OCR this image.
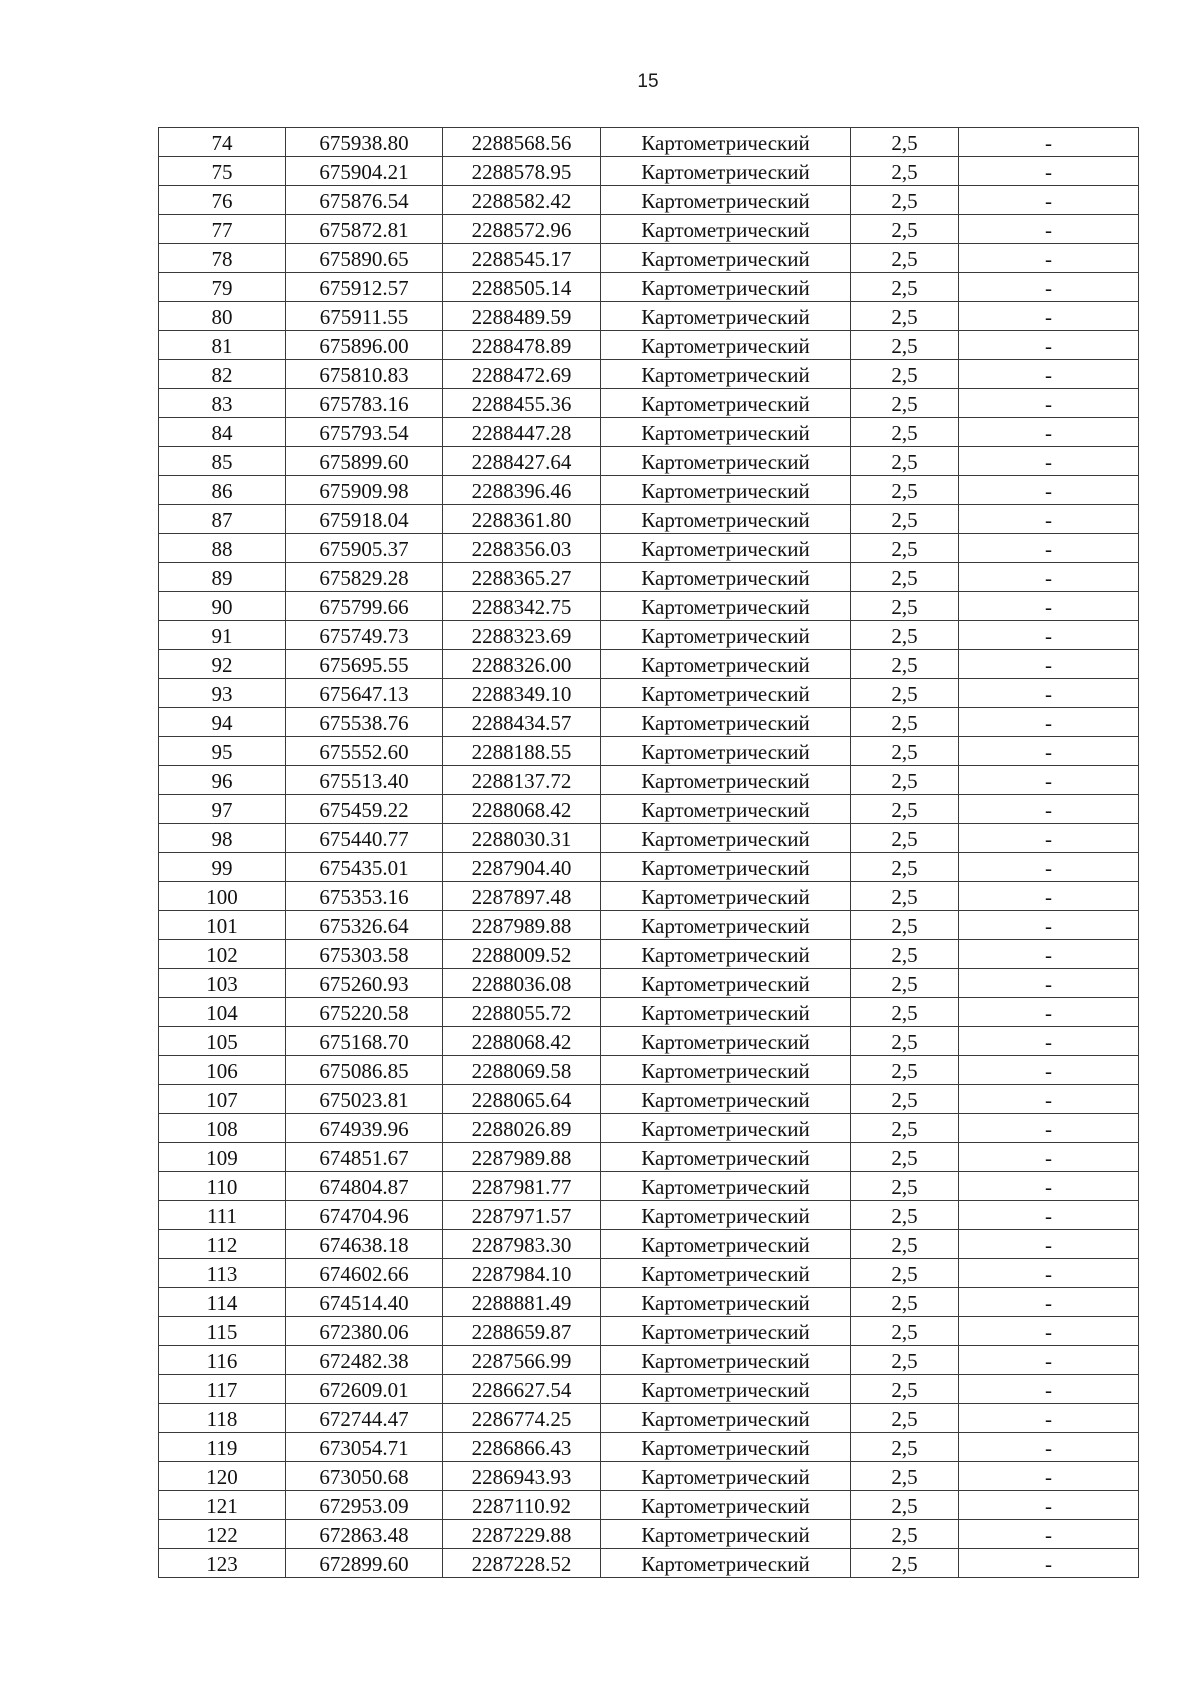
15
74	675938.80	2288568.56	Картометрический	2,5	-
75	675904.21	2288578.95	Картометрический	2,5	-
76	675876.54	2288582.42	Картометрический	2,5	-
77	675872.81	2288572.96	Картометрический	2,5	-
78	675890.65	2288545.17	Картометрический	2,5	-
79	675912.57	2288505.14	Картометрический	2,5	-
80	675911.55	2288489.59	Картометрический	2,5	-
81	675896.00	2288478.89	Картометрический	2,5	-
82	675810.83	2288472.69	Картометрический	2,5	-
83	675783.16	2288455.36	Картометрический	2,5	-
84	675793.54	2288447.28	Картометрический	2,5	-
85	675899.60	2288427.64	Картометрический	2,5	-
86	675909.98	2288396.46	Картометрический	2,5	-
87	675918.04	2288361.80	Картометрический	2,5	-
88	675905.37	2288356.03	Картометрический	2,5	-
89	675829.28	2288365.27	Картометрический	2,5	-
90	675799.66	2288342.75	Картометрический	2,5	-
91	675749.73	2288323.69	Картометрический	2,5	-
92	675695.55	2288326.00	Картометрический	2,5	-
93	675647.13	2288349.10	Картометрический	2,5	-
94	675538.76	2288434.57	Картометрический	2,5	-
95	675552.60	2288188.55	Картометрический	2,5	-
96	675513.40	2288137.72	Картометрический	2,5	-
97	675459.22	2288068.42	Картометрический	2,5	-
98	675440.77	2288030.31	Картометрический	2,5	-
99	675435.01	2287904.40	Картометрический	2,5	-
100	675353.16	2287897.48	Картометрический	2,5	-
101	675326.64	2287989.88	Картометрический	2,5	-
102	675303.58	2288009.52	Картометрический	2,5	-
103	675260.93	2288036.08	Картометрический	2,5	-
104	675220.58	2288055.72	Картометрический	2,5	-
105	675168.70	2288068.42	Картометрический	2,5	-
106	675086.85	2288069.58	Картометрический	2,5	-
107	675023.81	2288065.64	Картометрический	2,5	-
108	674939.96	2288026.89	Картометрический	2,5	-
109	674851.67	2287989.88	Картометрический	2,5	-
110	674804.87	2287981.77	Картометрический	2,5	-
111	674704.96	2287971.57	Картометрический	2,5	-
112	674638.18	2287983.30	Картометрический	2,5	-
113	674602.66	2287984.10	Картометрический	2,5	-
114	674514.40	2288881.49	Картометрический	2,5	-
115	672380.06	2288659.87	Картометрический	2,5	-
116	672482.38	2287566.99	Картометрический	2,5	-
117	672609.01	2286627.54	Картометрический	2,5	-
118	672744.47	2286774.25	Картометрический	2,5	-
119	673054.71	2286866.43	Картометрический	2,5	-
120	673050.68	2286943.93	Картометрический	2,5	-
121	672953.09	2287110.92	Картометрический	2,5	-
122	672863.48	2287229.88	Картометрический	2,5	-
123	672899.60	2287228.52	Картометрический	2,5	-
